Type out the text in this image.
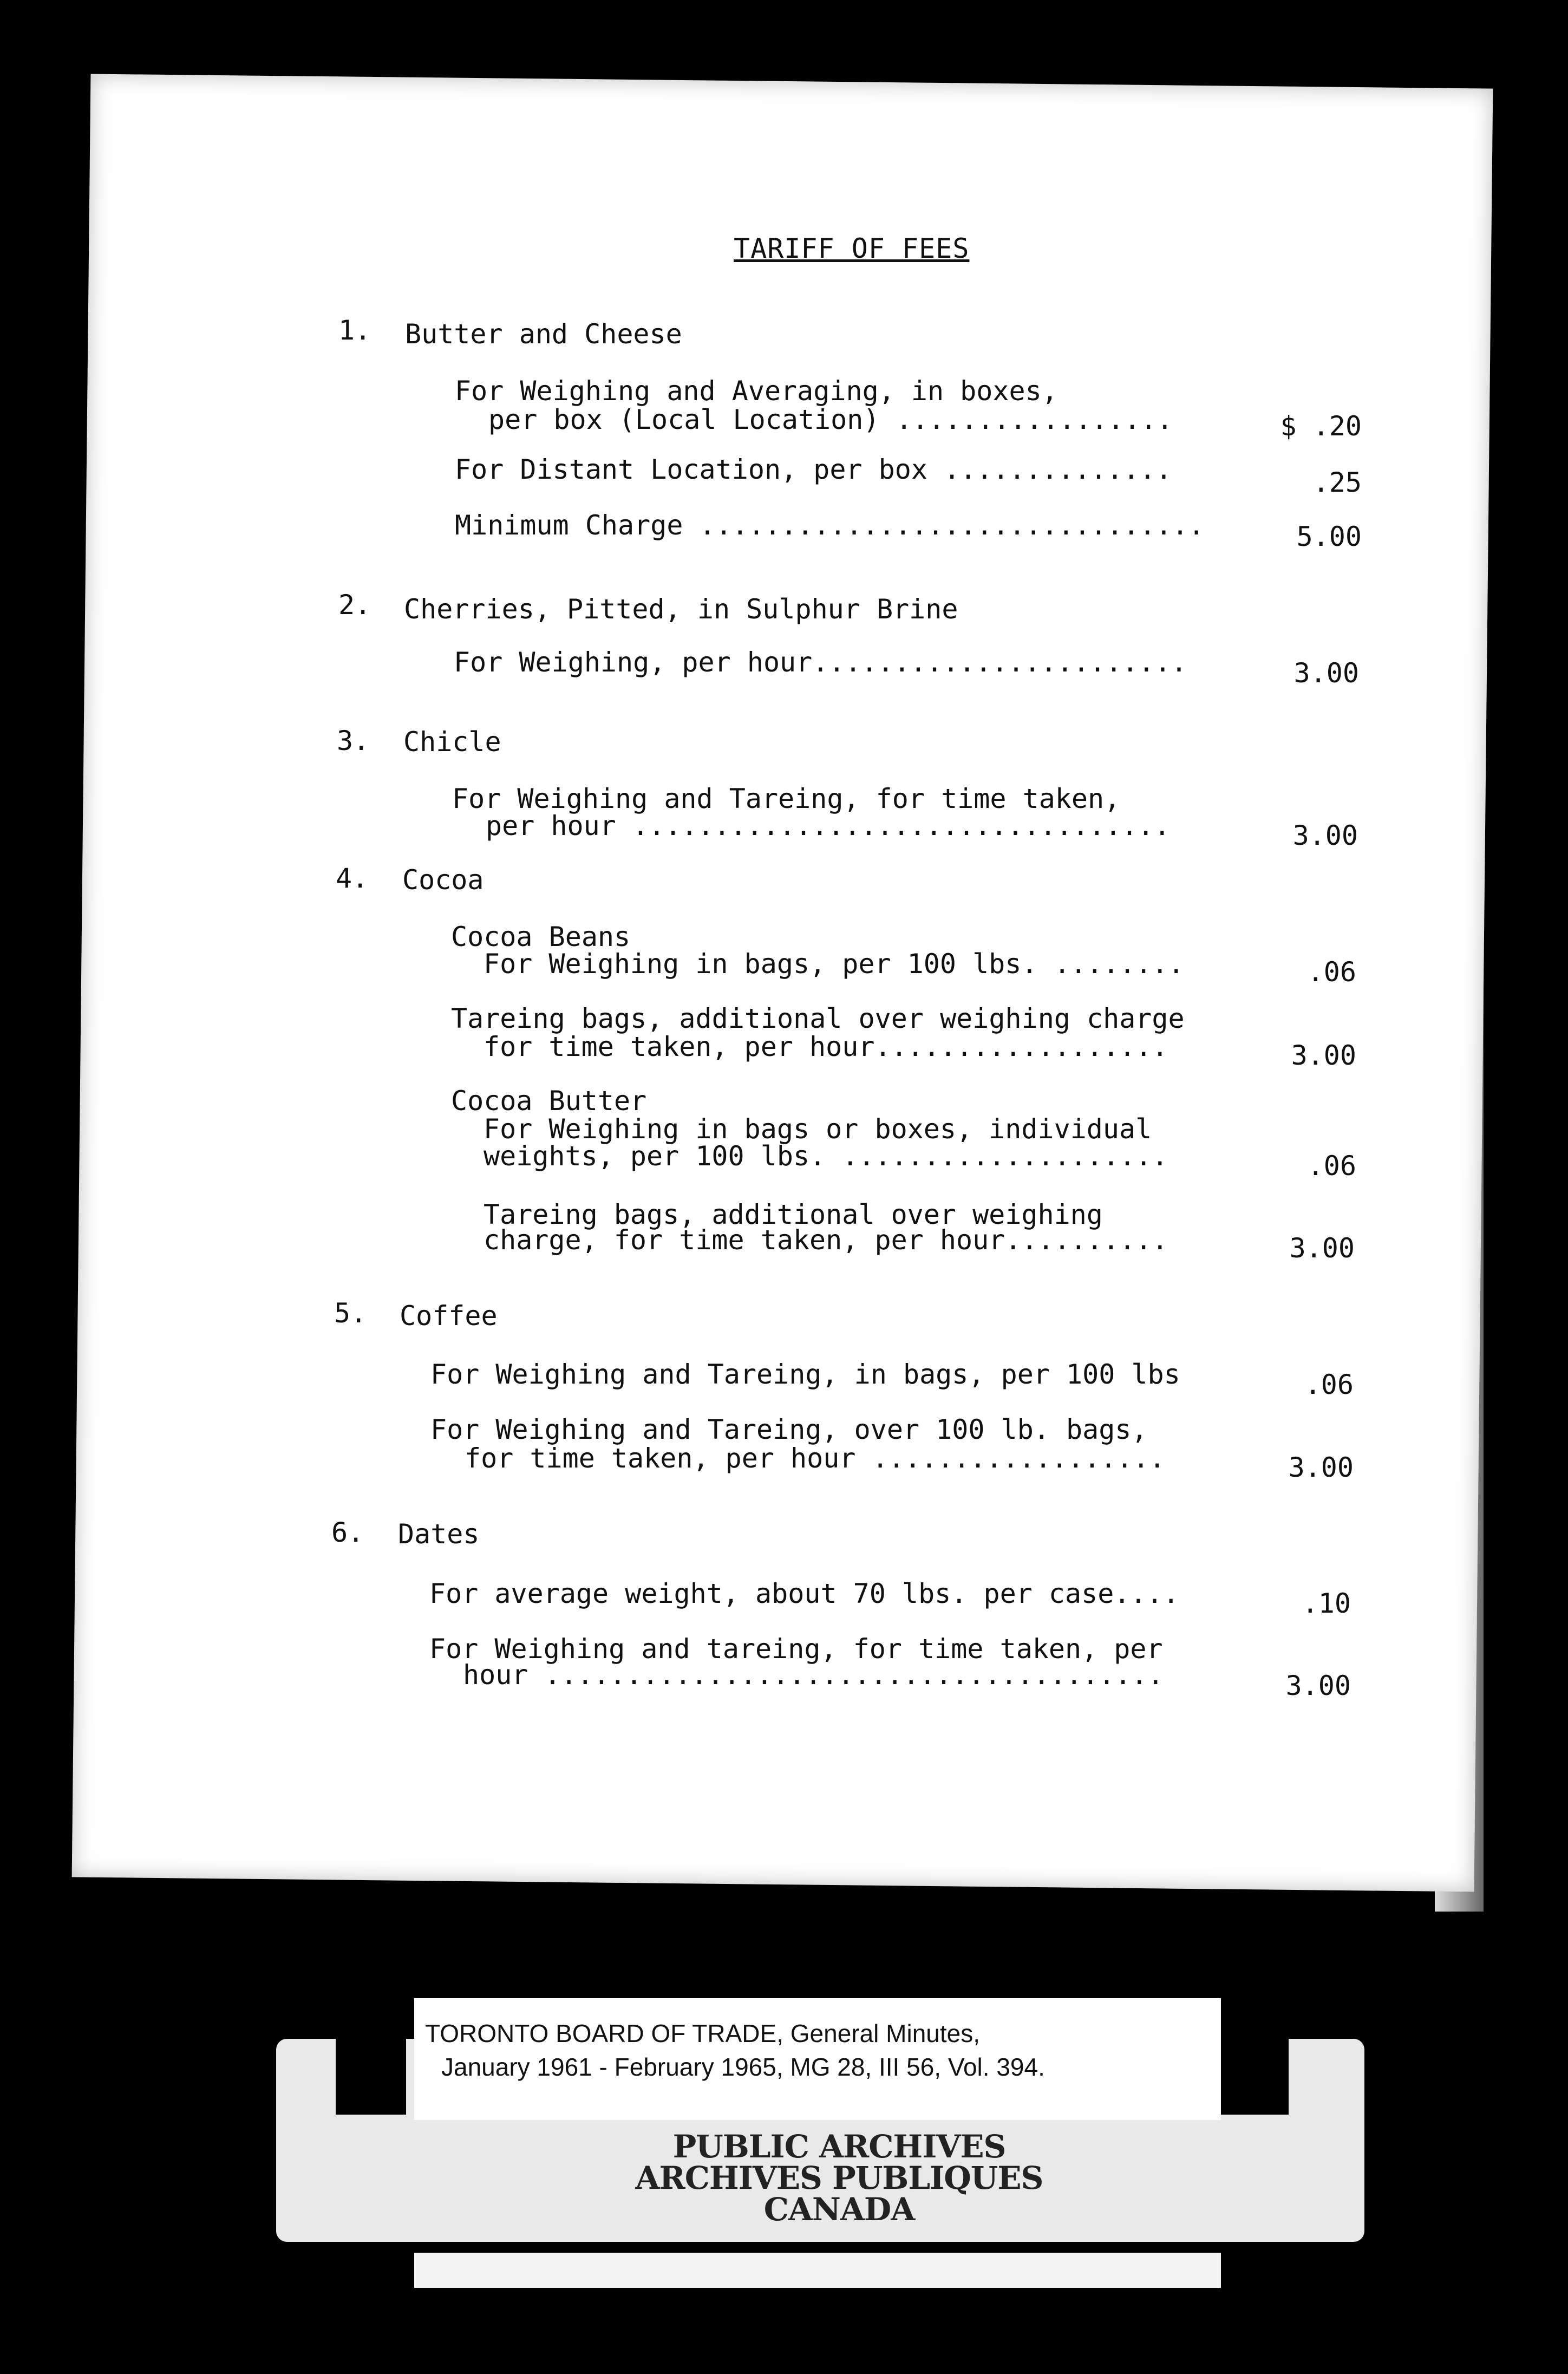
TARIFF OF FEES
1. Butter and Cheese
For Weighing and Averaging, in boxes,
per box (Local Location) .................	$ .20
For Distant Location, per box ..............	.25
Minimum Charge ...............................	5.00
2. Cherries, Pitted, in Sulphur Brine
For Weighing, per hour.......................	3.00
3. Chicle
For Weighing and Tareing, for time taken,
per hour .................................	3.00
4. Cocoa
Cocoa Beans
For Weighing in bags, per 100 lbs. ........	.06
Tareing bags, additional over weighing charge
for time taken, per hour..................	3.00
Cocoa Butter
For Weighing in bags or boxes, individual
weights, per 100 lbs. ....................	.06
Tareing bags, additional over weighing
charge, for time taken, per hour..........	3.00
5. Coffee
For Weighing and Tareing, in bags, per 100 lbs	.06
For Weighing and Tareing, over 100 lb. bags,
for time taken, per hour ..................	3.00
6. Dates
For average weight, about 70 lbs. per case....	.10
For Weighing and tareing, for time taken, per
hour ......................................	3.00
TORONTO BOARD OF TRADE, General Minutes,
January 1961 - February 1965, MG 28, III 56, Vol. 394.
PUBLIC ARCHIVES
ARCHIVES PUBLIQUES
CANADA
